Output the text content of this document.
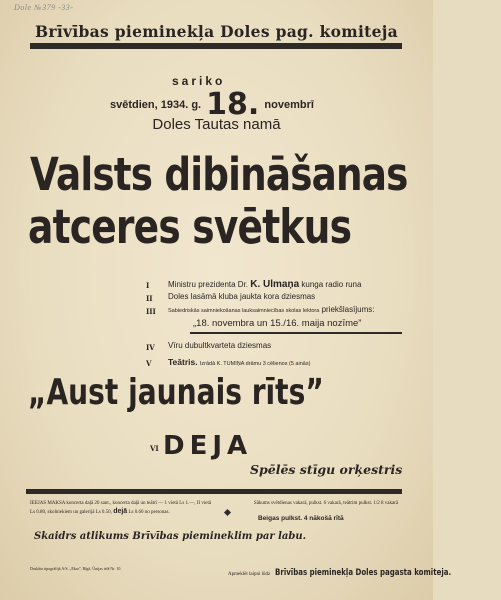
Dole №379 -33-
Brīvības pieminekļa Doles pag. komiteja
sariko
svētdien, 1934. g. 18. novembrī
Doles Tautas namā
Valsts dibināšanas
atceres svētkus
I Ministru prezidenta Dr. K. Ulmaņa kunga radio runa
II Doles lasāmā kluba jaukta kora dziesmas
III Sabiedriskās saimniekošanas lauksaimniecības skolas lektora priekšlasījums:
„18. novembra un 15./16. maija nozīme”
IV Vīru dubultkvarteta dziesmas
V Teātris. Izrādā K. TUMIŅA drāmu 3 cēlienos (5 ainās)
„Aust jaunais rīts”
VI DEJA
Spēlēs stīgu orķestris
IEEJAS MAKSA koncerta daļā 20 sant., koncerta daļā un teātrī — 1 vietā Ls 1.—, II vietā Ls 0.80, skolniekiem un galerijā Ls 0.50, dejā Ls 0.60 no personas.
Sākums svētdienas vakarā, pulkst. 6 vakarā, teātrim pulkst. 1/2 8 vakarā
Beigas pulkst. 4 nākošā rītā
Skaidrs atlikums Brīvības piemineklim par labu.
Drukāta tipogrāfijā A/S. „Ekra”, Rīgā, Ūnijas ielā Nr. 10.
Apmeklēt laipni lūdz Brīvības pieminekļa Doles pagasta komiteja.
